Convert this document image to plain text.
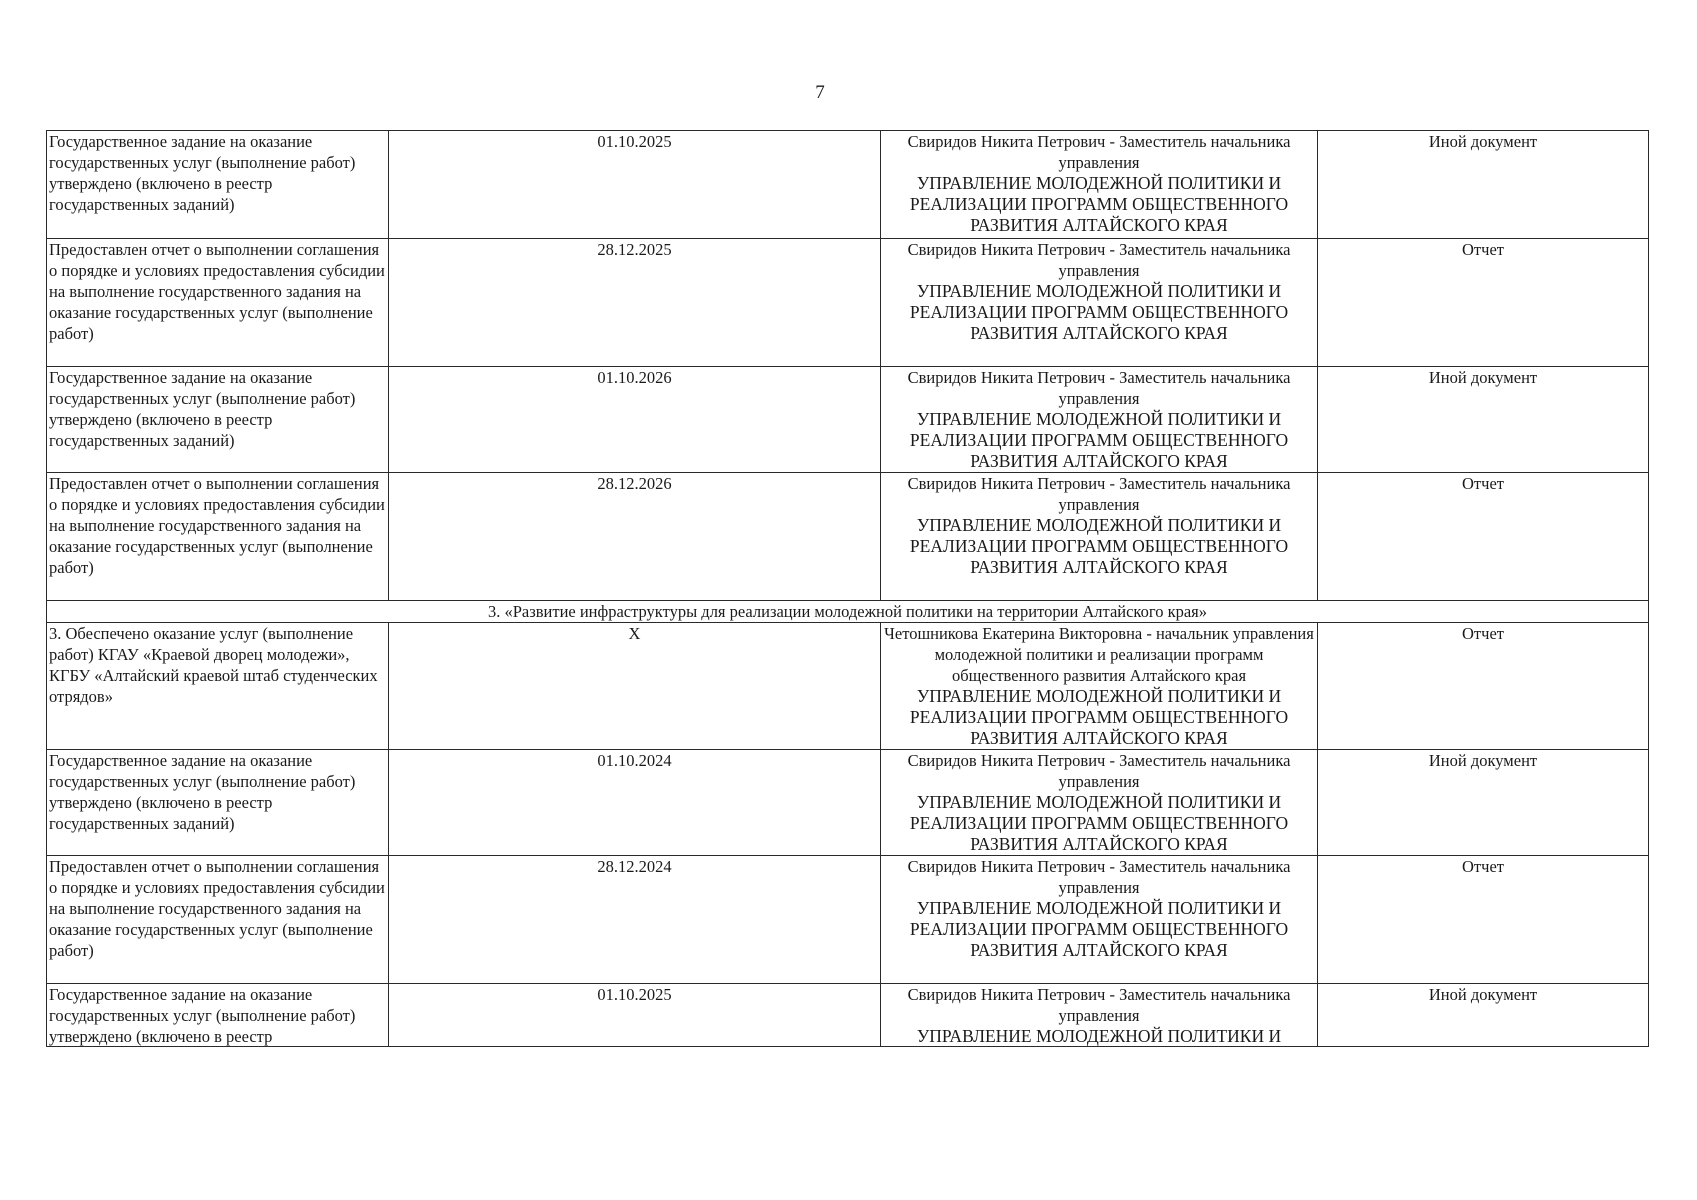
7
Государственное задание на оказание государственных услуг (выполнение работ) утверждено (включено в реестр государственных заданий)	01.10.2025	Свиридов Никита Петрович - Заместитель начальника управления
УПРАВЛЕНИЕ МОЛОДЕЖНОЙ ПОЛИТИКИ И РЕАЛИЗАЦИИ ПРОГРАММ ОБЩЕСТВЕННОГО РАЗВИТИЯ АЛТАЙСКОГО КРАЯ	Иной документ
Предоставлен отчет о выполнении соглашения о порядке и условиях предоставления субсидии на выполнение государственного задания на оказание государственных услуг (выполнение работ)	28.12.2025	Свиридов Никита Петрович - Заместитель начальника управления
УПРАВЛЕНИЕ МОЛОДЕЖНОЙ ПОЛИТИКИ И РЕАЛИЗАЦИИ ПРОГРАММ ОБЩЕСТВЕННОГО РАЗВИТИЯ АЛТАЙСКОГО КРАЯ	Отчет
Государственное задание на оказание государственных услуг (выполнение работ) утверждено (включено в реестр государственных заданий)	01.10.2026	Свиридов Никита Петрович - Заместитель начальника управления
УПРАВЛЕНИЕ МОЛОДЕЖНОЙ ПОЛИТИКИ И РЕАЛИЗАЦИИ ПРОГРАММ ОБЩЕСТВЕННОГО РАЗВИТИЯ АЛТАЙСКОГО КРАЯ	Иной документ
Предоставлен отчет о выполнении соглашения о порядке и условиях предоставления субсидии на выполнение государственного задания на оказание государственных услуг (выполнение работ)	28.12.2026	Свиридов Никита Петрович - Заместитель начальника управления
УПРАВЛЕНИЕ МОЛОДЕЖНОЙ ПОЛИТИКИ И РЕАЛИЗАЦИИ ПРОГРАММ ОБЩЕСТВЕННОГО РАЗВИТИЯ АЛТАЙСКОГО КРАЯ	Отчет
3. «Развитие инфраструктуры для реализации молодежной политики на территории Алтайского края»			
3. Обеспечено оказание услуг (выполнение работ) КГАУ «Краевой дворец молодежи», КГБУ «Алтайский краевой штаб студенческих отрядов»	X	Четошникова Екатерина Викторовна - начальник управления молодежной политики и реализации программ общественного развития Алтайского края
УПРАВЛЕНИЕ МОЛОДЕЖНОЙ ПОЛИТИКИ И РЕАЛИЗАЦИИ ПРОГРАММ ОБЩЕСТВЕННОГО РАЗВИТИЯ АЛТАЙСКОГО КРАЯ	Отчет
Государственное задание на оказание государственных услуг (выполнение работ) утверждено (включено в реестр государственных заданий)	01.10.2024	Свиридов Никита Петрович - Заместитель начальника управления
УПРАВЛЕНИЕ МОЛОДЕЖНОЙ ПОЛИТИКИ И РЕАЛИЗАЦИИ ПРОГРАММ ОБЩЕСТВЕННОГО РАЗВИТИЯ АЛТАЙСКОГО КРАЯ	Иной документ
Предоставлен отчет о выполнении соглашения о порядке и условиях предоставления субсидии на выполнение государственного задания на оказание государственных услуг (выполнение работ)	28.12.2024	Свиридов Никита Петрович - Заместитель начальника управления
УПРАВЛЕНИЕ МОЛОДЕЖНОЙ ПОЛИТИКИ И РЕАЛИЗАЦИИ ПРОГРАММ ОБЩЕСТВЕННОГО РАЗВИТИЯ АЛТАЙСКОГО КРАЯ	Отчет

Государственное задание на оказание государственных услуг (выполнение работ) утверждено (включено в реестр	01.10.2025	Свиридов Никита Петрович - Заместитель начальника управления
УПРАВЛЕНИЕ МОЛОДЕЖНОЙ ПОЛИТИКИ И	Иной документ
